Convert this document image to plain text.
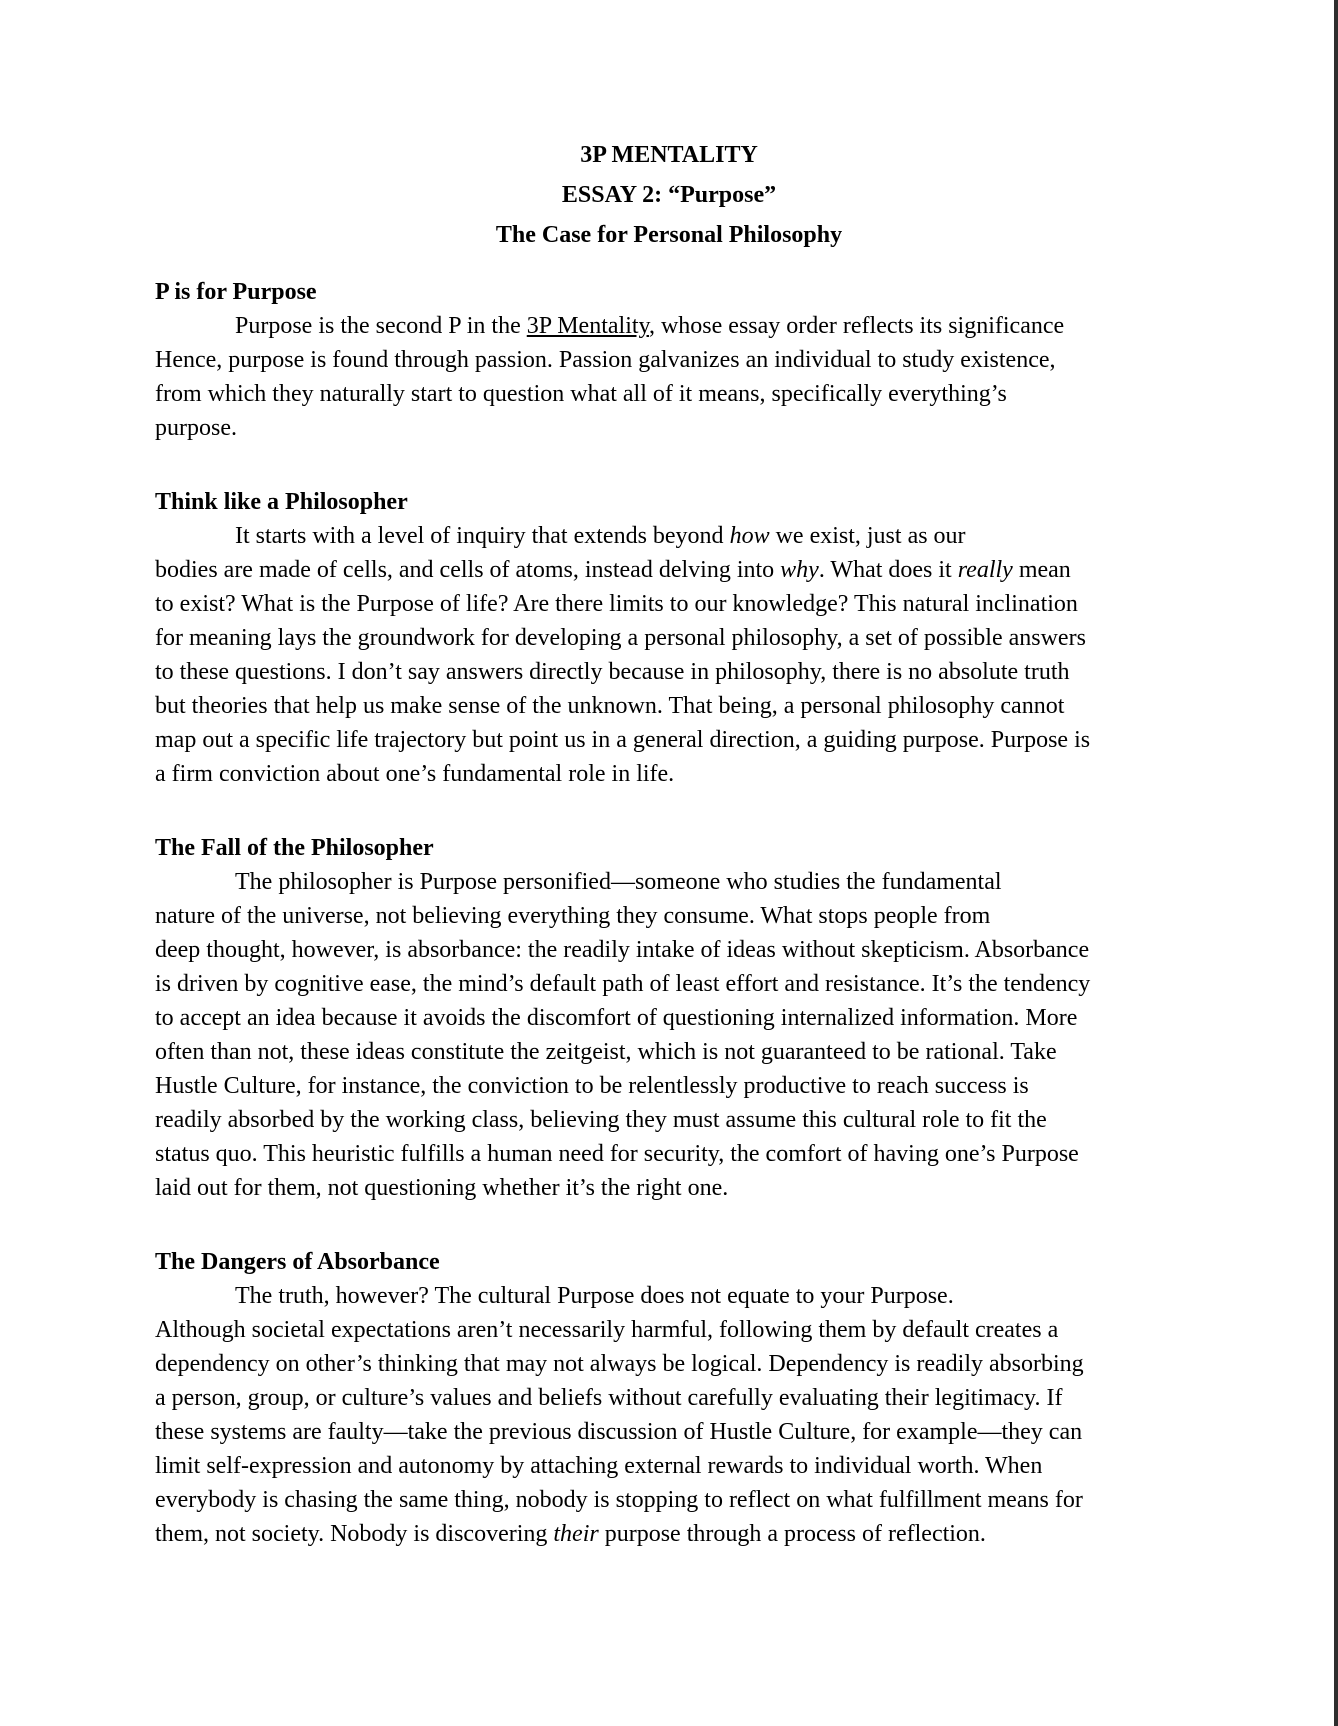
3P MENTALITY
ESSAY 2: “Purpose”
The Case for Personal Philosophy
P is for Purpose
Purpose is the second P in the 3P Mentality, whose essay order reflects its significance
Hence, purpose is found through passion. Passion galvanizes an individual to study existence,
from which they naturally start to question what all of it means, specifically everything’s
purpose.
Think like a Philosopher
It starts with a level of inquiry that extends beyond how we exist, just as our
bodies are made of cells, and cells of atoms, instead delving into why. What does it really mean
to exist? What is the Purpose of life? Are there limits to our knowledge? This natural inclination
for meaning lays the groundwork for developing a personal philosophy, a set of possible answers
to these questions. I don’t say answers directly because in philosophy, there is no absolute truth
but theories that help us make sense of the unknown. That being, a personal philosophy cannot
map out a specific life trajectory but point us in a general direction, a guiding purpose. Purpose is
a firm conviction about one’s fundamental role in life.
The Fall of the Philosopher
The philosopher is Purpose personified—someone who studies the fundamental
nature of the universe, not believing everything they consume. What stops people from
deep thought, however, is absorbance: the readily intake of ideas without skepticism. Absorbance
is driven by cognitive ease, the mind’s default path of least effort and resistance. It’s the tendency
to accept an idea because it avoids the discomfort of questioning internalized information. More
often than not, these ideas constitute the zeitgeist, which is not guaranteed to be rational. Take
Hustle Culture, for instance, the conviction to be relentlessly productive to reach success is
readily absorbed by the working class, believing they must assume this cultural role to fit the
status quo. This heuristic fulfills a human need for security, the comfort of having one’s Purpose
laid out for them, not questioning whether it’s the right one.
The Dangers of Absorbance
The truth, however? The cultural Purpose does not equate to your Purpose.
Although societal expectations aren’t necessarily harmful, following them by default creates a
dependency on other’s thinking that may not always be logical. Dependency is readily absorbing
a person, group, or culture’s values and beliefs without carefully evaluating their legitimacy. If
these systems are faulty—take the previous discussion of Hustle Culture, for example—they can
limit self-expression and autonomy by attaching external rewards to individual worth. When
everybody is chasing the same thing, nobody is stopping to reflect on what fulfillment means for
them, not society. Nobody is discovering their purpose through a process of reflection.
